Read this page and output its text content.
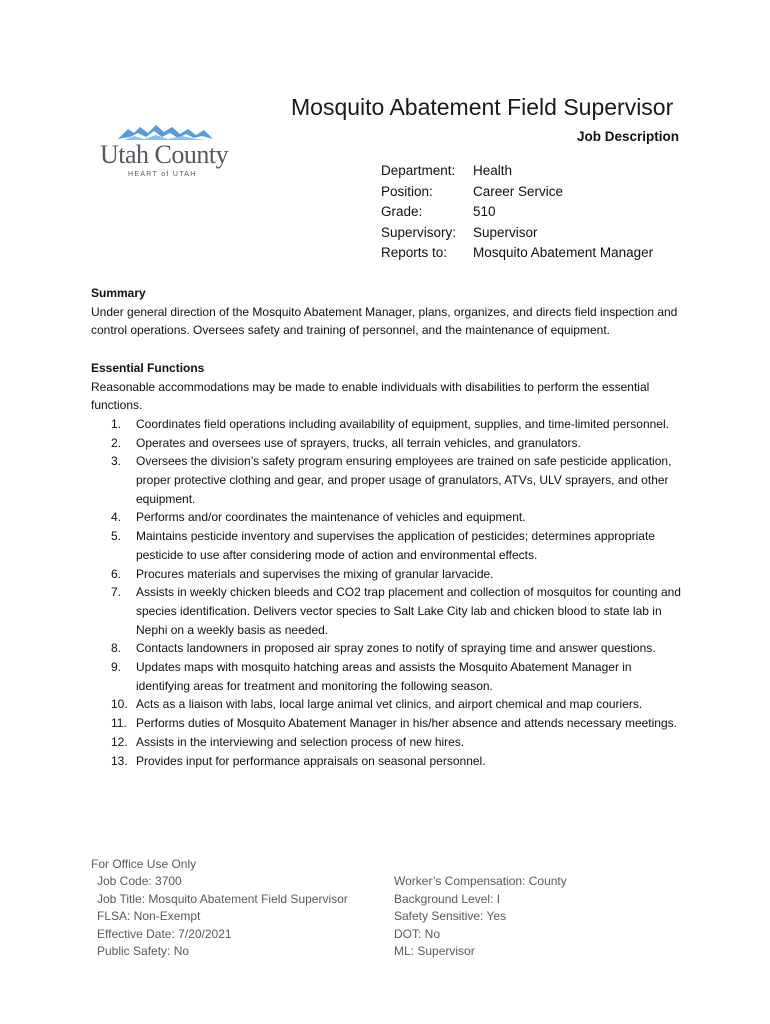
Utah County
HEART of UTAH
Mosquito Abatement Field Supervisor
Job Description
Department:	Health
Position:	Career Service
Grade:	510
Supervisory:	Supervisor
Reports to:	Mosquito Abatement Manager
Summary

Under general direction of the Mosquito Abatement Manager, plans, organizes, and directs field inspection and control operations. Oversees safety and training of personnel, and the maintenance of equipment.

Essential Functions

Reasonable accommodations may be made to enable individuals with disabilities to perform the essential functions.

1.	Coordinates field operations including availability of equipment, supplies, and time-limited personnel.
2.	Operates and oversees use of sprayers, trucks, all terrain vehicles, and granulators.
3.	Oversees the division’s safety program ensuring employees are trained on safe pesticide application, proper protective clothing and gear, and proper usage of granulators, ATVs, ULV sprayers, and other equipment.
4.	Performs and/or coordinates the maintenance of vehicles and equipment.
5.	Maintains pesticide inventory and supervises the application of pesticides; determines appropriate pesticide to use after considering mode of action and environmental effects.
6.	Procures materials and supervises the mixing of granular larvacide.
7.	Assists in weekly chicken bleeds and CO2 trap placement and collection of mosquitos for counting and species identification. Delivers vector species to Salt Lake City lab and chicken blood to state lab in Nephi on a weekly basis as needed.
8.	Contacts landowners in proposed air spray zones to notify of spraying time and answer questions.
9.	Updates maps with mosquito hatching areas and assists the Mosquito Abatement Manager in identifying areas for treatment and monitoring the following season.
10. Acts as a liaison with labs, local large animal vet clinics, and airport chemical and map couriers.
11. Performs duties of Mosquito Abatement Manager in his/her absence and attends necessary meetings.
12. Assists in the interviewing and selection process of new hires.
13. Provides input for performance appraisals on seasonal personnel.
For Office Use Only
Job Code: 3700
Job Title: Mosquito Abatement Field Supervisor
FLSA: Non-Exempt
Effective Date: 7/20/2021
Public Safety: No
Worker’s Compensation: County
Background Level: I
Safety Sensitive: Yes
DOT: No
ML: Supervisor
